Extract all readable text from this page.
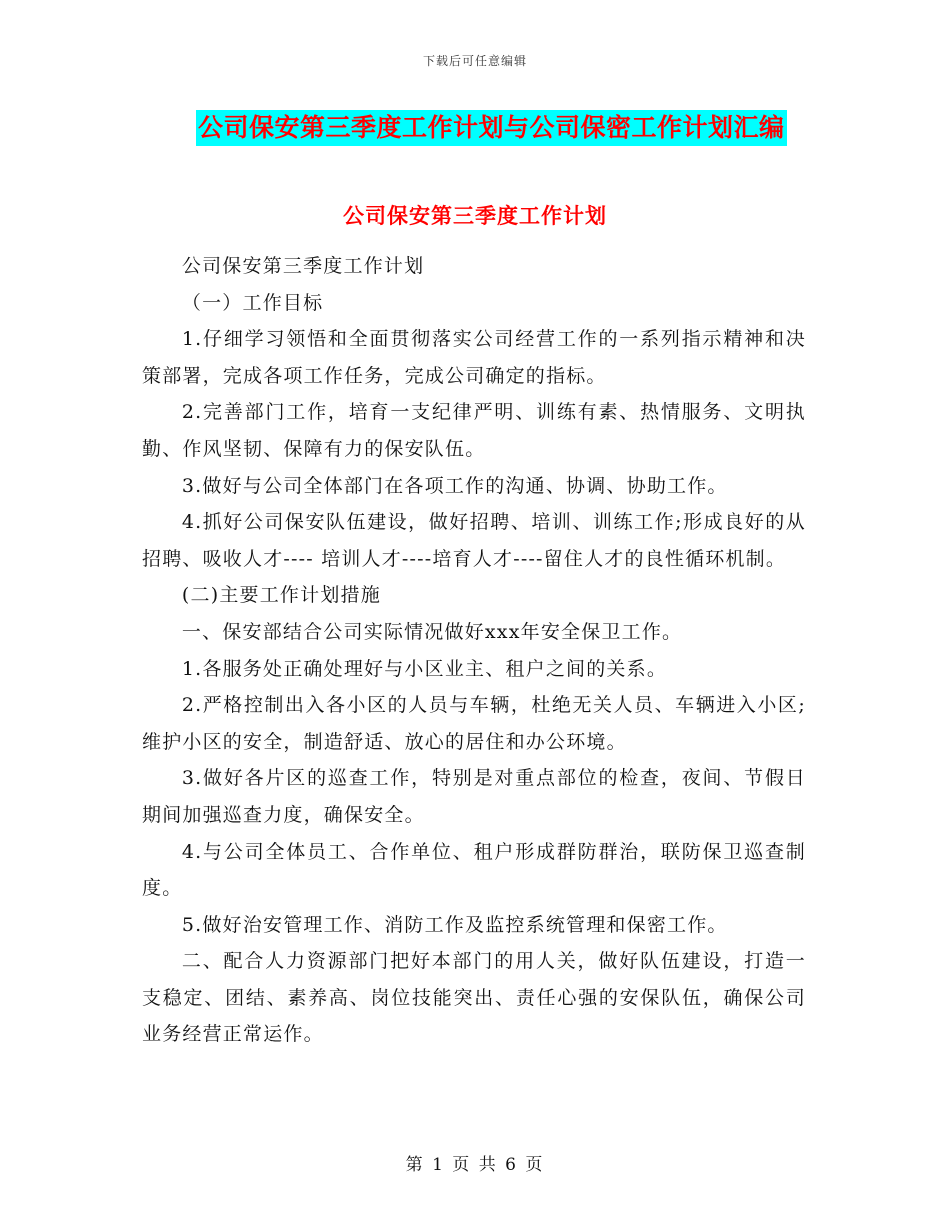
下载后可任意编辑
公司保安第三季度工作计划与公司保密工作计划汇编
公司保安第三季度工作计划

公司保安第三季度工作计划

（一）工作目标

1.仔细学习领悟和全面贯彻落实公司经营工作的一系列指示精神和决策部署，完成各项工作任务，完成公司确定的指标。

2.完善部门工作，培育一支纪律严明、训练有素、热情服务、文明执勤、作风坚韧、保障有力的保安队伍。

3.做好与公司全体部门在各项工作的沟通、协调、协助工作。

4.抓好公司保安队伍建设，做好招聘、培训、训练工作;形成良好的从招聘、吸收人才---- 培训人才----培育人才----留住人才的良性循环机制。

(二)主要工作计划措施

一、保安部结合公司实际情况做好xxx年安全保卫工作。

1.各服务处正确处理好与小区业主、租户之间的关系。

2.严格控制出入各小区的人员与车辆，杜绝无关人员、车辆进入小区;维护小区的安全，制造舒适、放心的居住和办公环境。

3.做好各片区的巡查工作，特别是对重点部位的检查，夜间、节假日期间加强巡查力度，确保安全。

4.与公司全体员工、合作单位、租户形成群防群治，联防保卫巡查制度。

5.做好治安管理工作、消防工作及监控系统管理和保密工作。

二、配合人力资源部门把好本部门的用人关，做好队伍建设，打造一支稳定、团结、素养高、岗位技能突出、责任心强的安保队伍，确保公司业务经营正常运作。

第 1 页 共 6 页
